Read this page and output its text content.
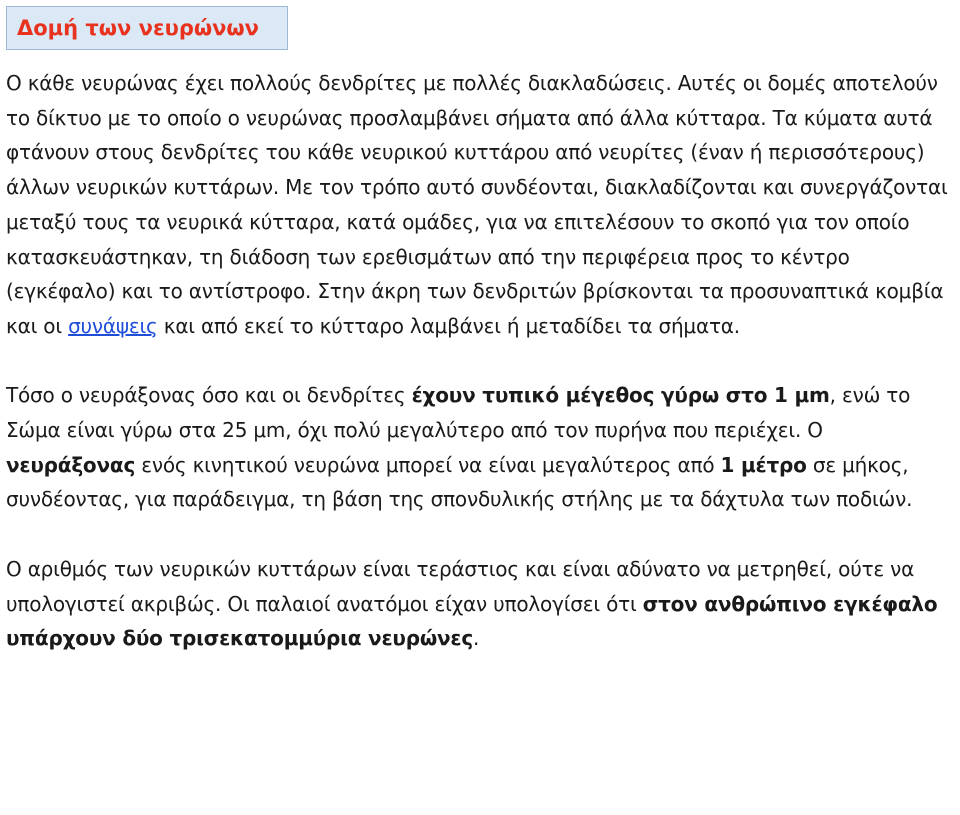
Δομή των νευρώνων

Ο κάθε νευρώνας έχει πολλούς δενδρίτες με πολλές διακλαδώσεις. Αυτές οι δομές αποτελούν το δίκτυο με το οποίο ο νευρώνας προσλαμβάνει σήματα από άλλα κύτταρα. Τα κύματα αυτά φτάνουν στους δενδρίτες του κάθε νευρικού κυττάρου από νευρίτες (έναν ή περισσότερους) άλλων νευρικών κυττάρων. Με τον τρόπο αυτό συνδέονται, διακλαδίζονται και συνεργάζονται μεταξύ τους τα νευρικά κύτταρα, κατά ομάδες, για να επιτελέσουν το σκοπό για τον οποίο κατασκευάστηκαν, τη διάδοση των ερεθισμάτων από την περιφέρεια προς το κέντρο (εγκέφαλο) και το αντίστροφο. Στην άκρη των δενδριτών βρίσκονται τα προσυναπτικά κομβία και οι συνάψεις και από εκεί το κύτταρο λαμβάνει ή μεταδίδει τα σήματα.

Τόσο ο νευράξονας όσο και οι δενδρίτες έχουν τυπικό μέγεθος γύρω στο 1 μm, ενώ το Σώμα είναι γύρω στα 25 μm, όχι πολύ μεγαλύτερο από τον πυρήνα που περιέχει. Ο νευράξονας ενός κινητικού νευρώνα μπορεί να είναι μεγαλύτερος από 1 μέτρο σε μήκος, συνδέοντας, για παράδειγμα, τη βάση της σπονδυλικής στήλης με τα δάχτυλα των ποδιών.

Ο αριθμός των νευρικών κυττάρων είναι τεράστιος και είναι αδύνατο να μετρηθεί, ούτε να υπολογιστεί ακριβώς. Οι παλαιοί ανατόμοι είχαν υπολογίσει ότι στον ανθρώπινο εγκέφαλο υπάρχουν δύο τρισεκατομμύρια νευρώνες.
